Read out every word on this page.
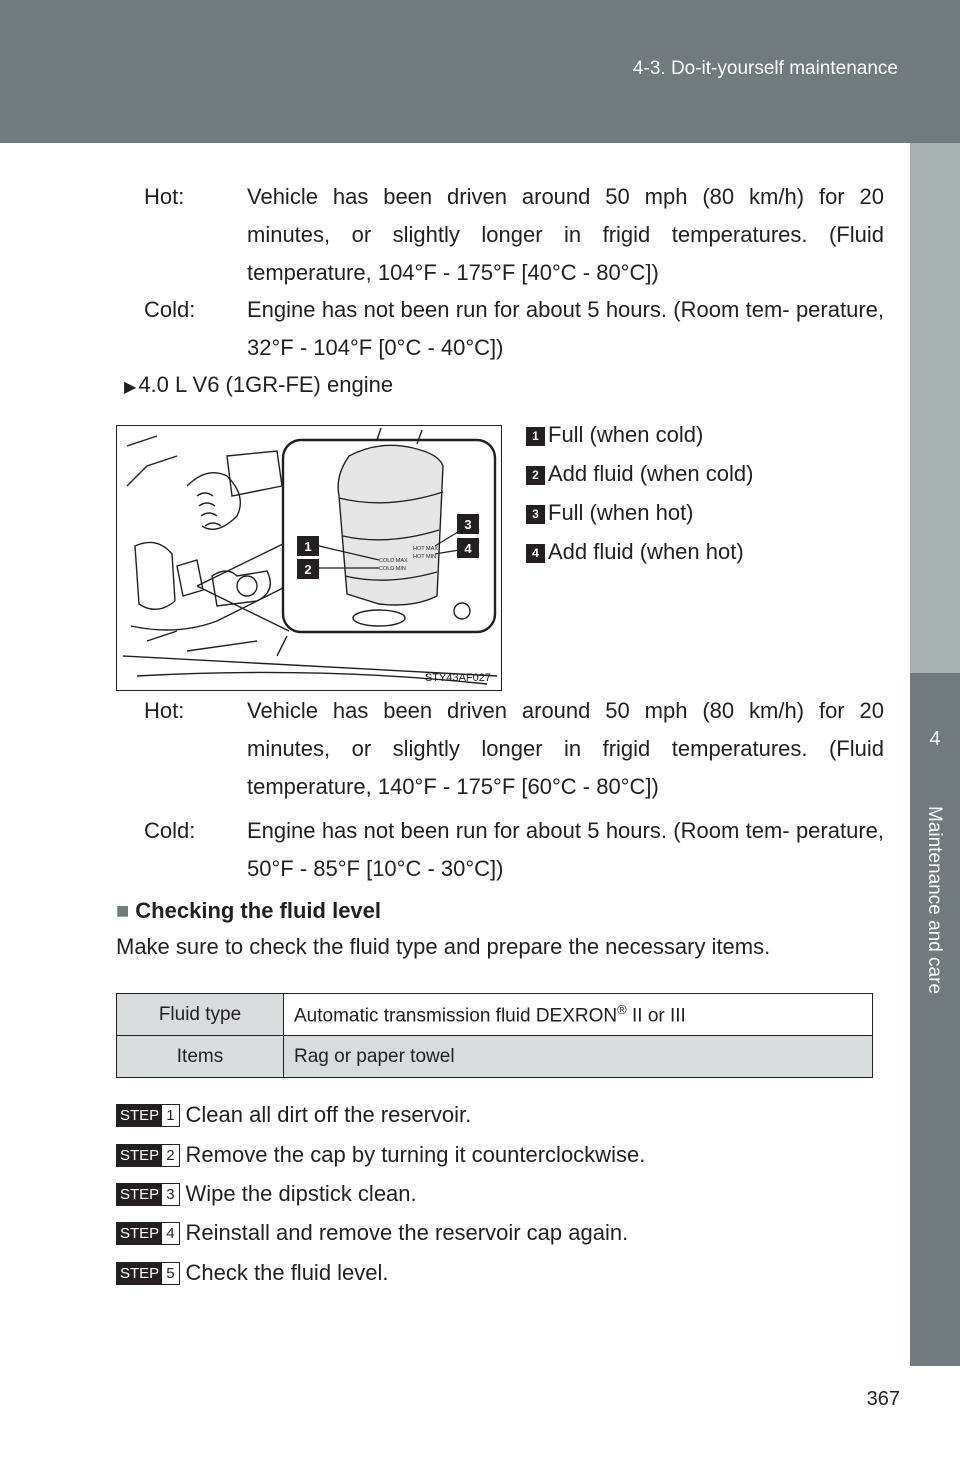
4-3. Do-it-yourself maintenance
4
Maintenance and care
Hot:	Vehicle has been driven around 50 mph (80 km/h) for 20 minutes, or slightly longer in frigid temperatures. (Fluid temperature, 104°F - 175°F [40°C - 80°C])
Cold: Engine has not been run for about 5 hours. (Room tem- perature, 32°F - 104°F [0°C - 40°C])
▶4.0 L V6 (1GR-FE) engine
COLD MAX
COLD MIN
HOT MAX
HOT MIN
1
2
3
4
STY43AF027
1 Full (when cold)
2 Add fluid (when cold)
3 Full (when hot)
4 Add fluid (when hot)
Hot:	Vehicle has been driven around 50 mph (80 km/h) for 20 minutes, or slightly longer in frigid temperatures. (Fluid temperature, 140°F - 175°F [60°C - 80°C])
Cold: Engine has not been run for about 5 hours. (Room tem- perature, 50°F - 85°F [10°C - 30°C])
■ Checking the fluid level
Make sure to check the fluid type and prepare the necessary items.
Fluid type	Automatic transmission fluid DEXRON® II or III
Items	Rag or paper towel
STEP 1 Clean all dirt off the reservoir.
STEP 2 Remove the cap by turning it counterclockwise.
STEP 3 Wipe the dipstick clean.
STEP 4 Reinstall and remove the reservoir cap again.
STEP 5 Check the fluid level.
367
